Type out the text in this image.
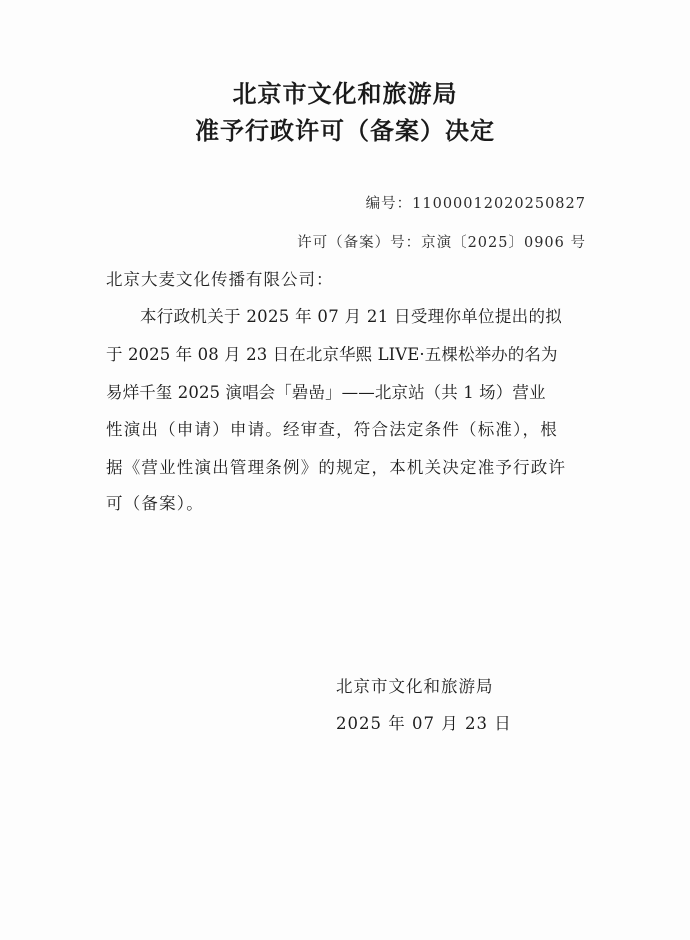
北京市文化和旅游局
准予行政许可（备案）决定
编号：11000012020250827
许可（备案）号：京演〔2025〕0906 号
北京大麦文化传播有限公司：
本行政机关于 2025 年 07 月 21 日受理你单位提出的拟
于 2025 年 08 月 23 日在北京华熙 LIVE·五棵松举办的名为
易烊千玺 2025 演唱会「碞嵒」——北京站（共 1 场）营业
性演出（申请）申请。经审查，符合法定条件（标准），根
据《营业性演出管理条例》的规定，本机关决定准予行政许
可（备案）。
北京市文化和旅游局
2025 年 07 月 23 日
